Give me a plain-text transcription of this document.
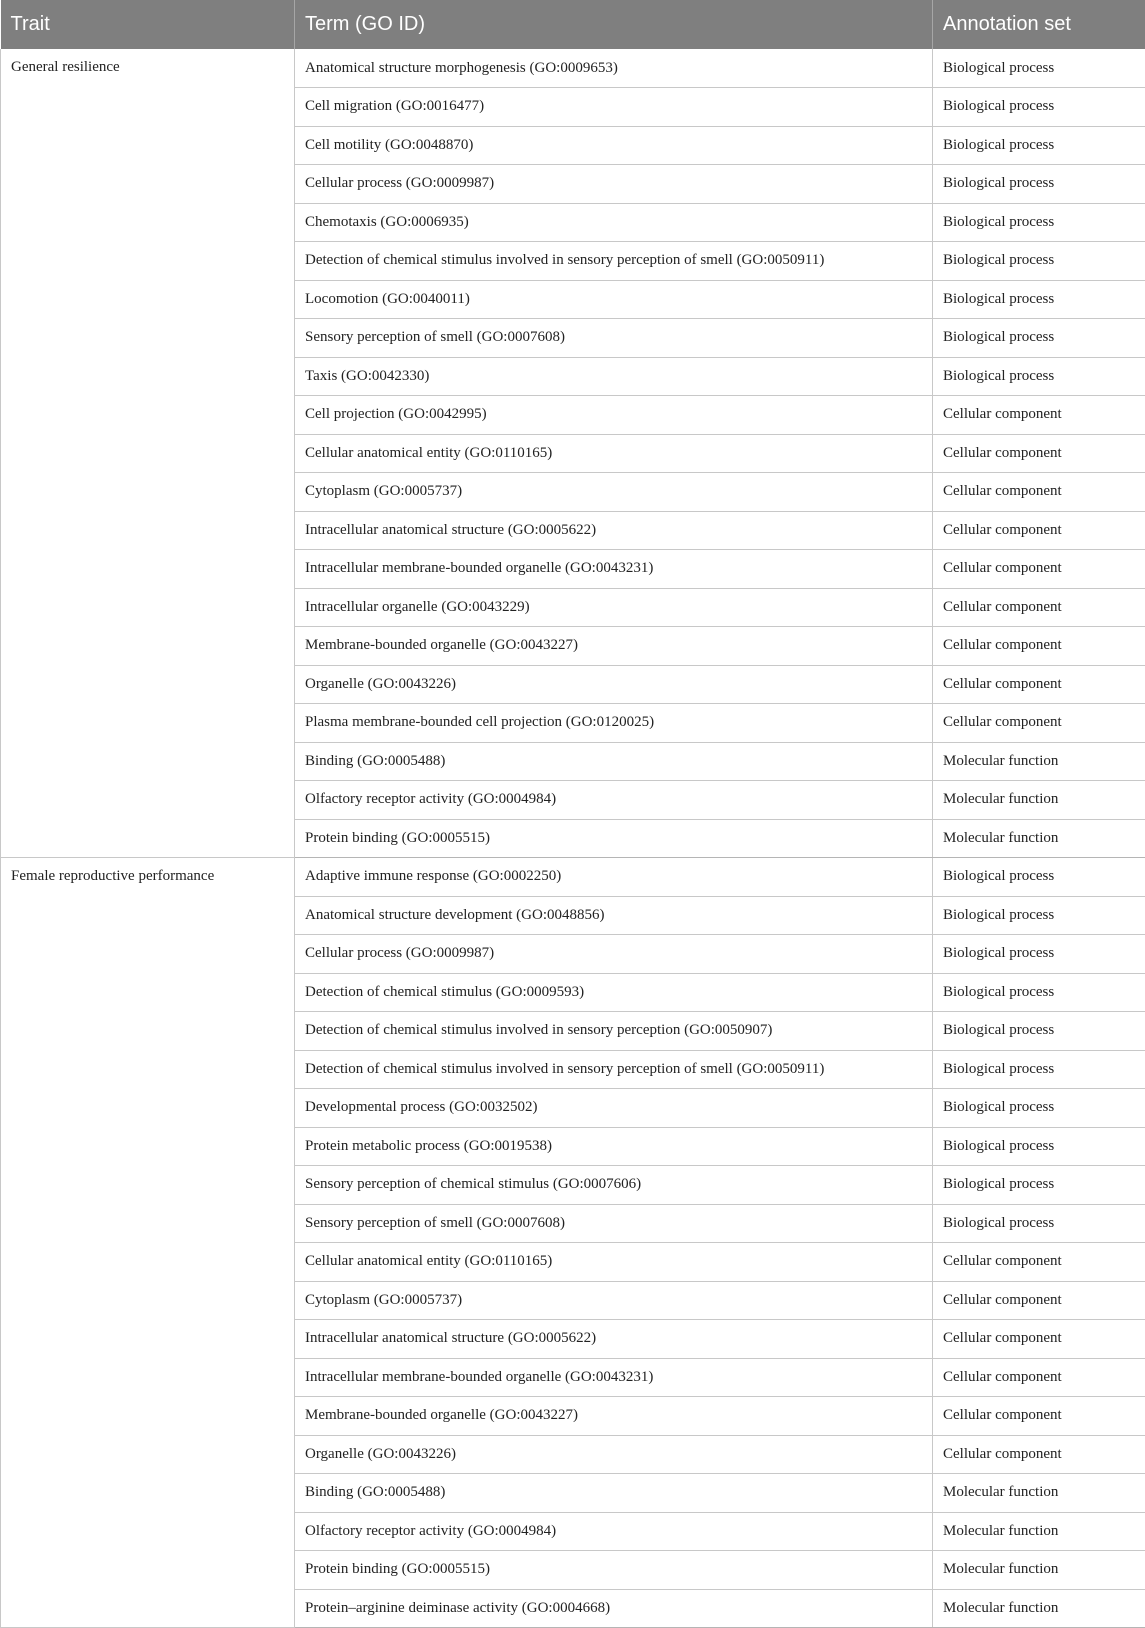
Trait	Term (GO ID)	Annotation set
General resilience	Anatomical structure morphogenesis (GO:0009653)	Biological process
	Cell migration (GO:0016477)	Biological process
	Cell motility (GO:0048870)	Biological process
	Cellular process (GO:0009987)	Biological process
	Chemotaxis (GO:0006935)	Biological process
	Detection of chemical stimulus involved in sensory perception of smell (GO:0050911)	Biological process
	Locomotion (GO:0040011)	Biological process
	Sensory perception of smell (GO:0007608)	Biological process
	Taxis (GO:0042330)	Biological process
	Cell projection (GO:0042995)	Cellular component
	Cellular anatomical entity (GO:0110165)	Cellular component
	Cytoplasm (GO:0005737)	Cellular component
	Intracellular anatomical structure (GO:0005622)	Cellular component
	Intracellular membrane-bounded organelle (GO:0043231)	Cellular component
	Intracellular organelle (GO:0043229)	Cellular component
	Membrane-bounded organelle (GO:0043227)	Cellular component
	Organelle (GO:0043226)	Cellular component
	Plasma membrane-bounded cell projection (GO:0120025)	Cellular component
	Binding (GO:0005488)	Molecular function
	Olfactory receptor activity (GO:0004984)	Molecular function
	Protein binding (GO:0005515)	Molecular function
Female reproductive performance	Adaptive immune response (GO:0002250)	Biological process
	Anatomical structure development (GO:0048856)	Biological process
	Cellular process (GO:0009987)	Biological process
	Detection of chemical stimulus (GO:0009593)	Biological process
	Detection of chemical stimulus involved in sensory perception (GO:0050907)	Biological process
	Detection of chemical stimulus involved in sensory perception of smell (GO:0050911)	Biological process
	Developmental process (GO:0032502)	Biological process
	Protein metabolic process (GO:0019538)	Biological process
	Sensory perception of chemical stimulus (GO:0007606)	Biological process
	Sensory perception of smell (GO:0007608)	Biological process
	Cellular anatomical entity (GO:0110165)	Cellular component
	Cytoplasm (GO:0005737)	Cellular component
	Intracellular anatomical structure (GO:0005622)	Cellular component
	Intracellular membrane-bounded organelle (GO:0043231)	Cellular component
	Membrane-bounded organelle (GO:0043227)	Cellular component
	Organelle (GO:0043226)	Cellular component
	Binding (GO:0005488)	Molecular function
	Olfactory receptor activity (GO:0004984)	Molecular function
	Protein binding (GO:0005515)	Molecular function
	Protein–arginine deiminase activity (GO:0004668)	Molecular function
